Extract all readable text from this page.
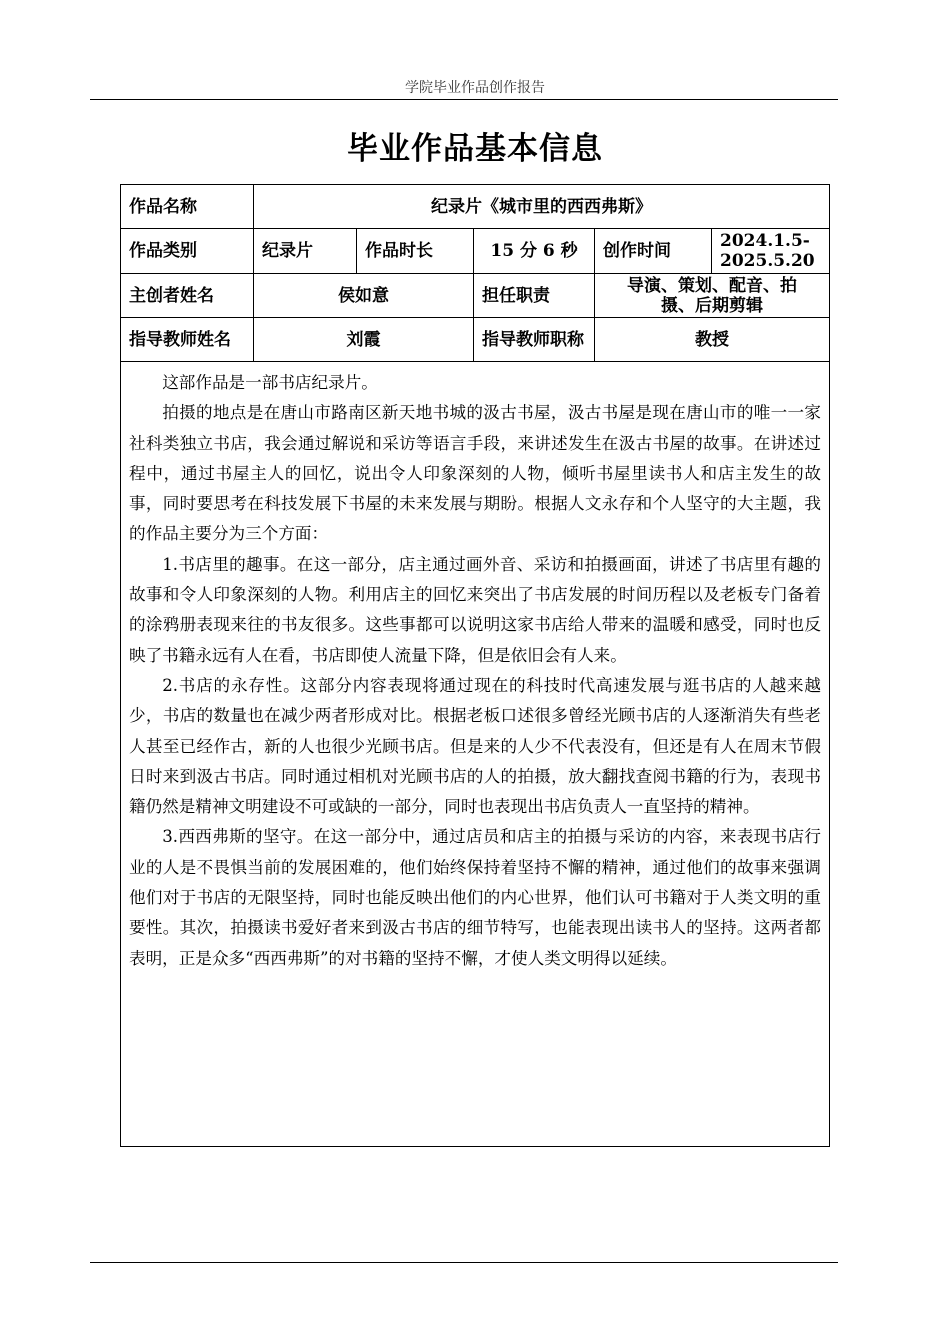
学院毕业作品创作报告
毕业作品基本信息
作品名称	纪录片《城市里的西西弗斯》				
作品类别	纪录片	作品时长	15 分 6 秒	创作时间	2024.1.5-
2025.5.20

主创者姓名	侯如意		担任职责	导演、策划、配音、拍
摄、后期剪辑	

指导教师姓名	刘霞		指导教师职称	教授	

这部作品是一部书店纪录片。

拍摄的地点是在唐山市路南区新天地书城的汲古书屋，汲古书屋是现在唐山市的唯一一家社科类独立书店，我会通过解说和采访等语言手段，来讲述发生在汲古书屋的故事。在讲述过程中，通过书屋主人的回忆，说出令人印象深刻的人物，倾听书屋里读书人和店主发生的故事，同时要思考在科技发展下书屋的未来发展与期盼。根据人文永存和个人坚守的大主题，我的作品主要分为三个方面：

1.书店里的趣事。在这一部分，店主通过画外音、采访和拍摄画面，讲述了书店里有趣的故事和令人印象深刻的人物。利用店主的回忆来突出了书店发展的时间历程以及老板专门备着的涂鸦册表现来往的书友很多。这些事都可以说明这家书店给人带来的温暖和感受，同时也反映了书籍永远有人在看，书店即使人流量下降，但是依旧会有人来。

2.书店的永存性。这部分内容表现将通过现在的科技时代高速发展与逛书店的人越来越少，书店的数量也在减少两者形成对比。根据老板口述很多曾经光顾书店的人逐渐消失有些老人甚至已经作古，新的人也很少光顾书店。但是来的人少不代表没有，但还是有人在周末节假日时来到汲古书店。同时通过相机对光顾书店的人的拍摄，放大翻找查阅书籍的行为，表现书籍仍然是精神文明建设不可或缺的一部分，同时也表现出书店负责人一直坚持的精神。

3.西西弗斯的坚守。在这一部分中，通过店员和店主的拍摄与采访的内容，来表现书店行业的人是不畏惧当前的发展困难的，他们始终保持着坚持不懈的精神，通过他们的故事来强调他们对于书店的无限坚持，同时也能反映出他们的内心世界，他们认可书籍对于人类文明的重要性。其次，拍摄读书爱好者来到汲古书店的细节特写，也能表现出读书人的坚持。这两者都表明，正是众多“西西弗斯”的对书籍的坚持不懈，才使人类文明得以延续。					
